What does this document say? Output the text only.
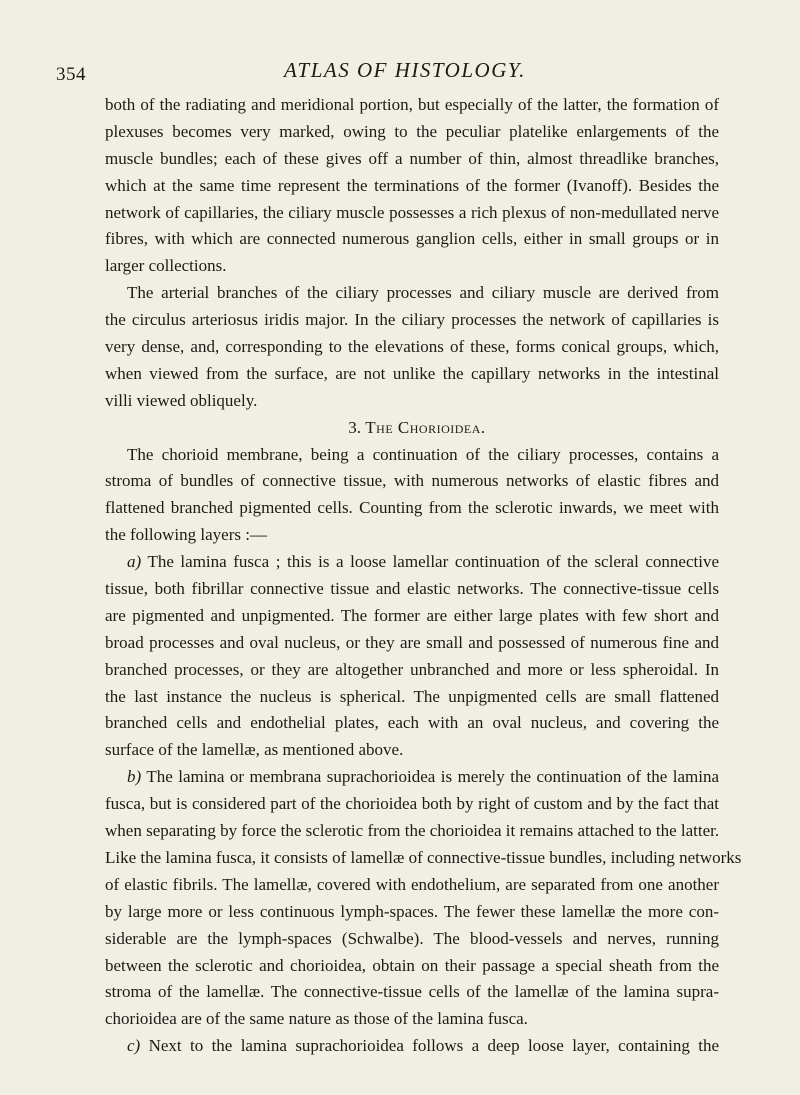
354	ATLAS OF HISTOLOGY.
both of the radiating and meridional portion, but especially of the latter, the formation of
plexuses becomes very marked, owing to the peculiar platelike enlargements of the
muscle bundles; each of these gives off a number of thin, almost threadlike branches,
which at the same time represent the terminations of the former (Ivanoff). Besides the
network of capillaries, the ciliary muscle possesses a rich plexus of non-medullated nerve
fibres, with which are connected numerous ganglion cells, either in small groups or in
larger collections.
The arterial branches of the ciliary processes and ciliary muscle are derived from
the circulus arteriosus iridis major. In the ciliary processes the network of capillaries is
very dense, and, corresponding to the elevations of these, forms conical groups, which,
when viewed from the surface, are not unlike the capillary networks in the intestinal
villi viewed obliquely.
3. The Chorioidea.
The chorioid membrane, being a continuation of the ciliary processes, contains a
stroma of bundles of connective tissue, with numerous networks of elastic fibres and
flattened branched pigmented cells. Counting from the sclerotic inwards, we meet with
the following layers :—
a) The lamina fusca ; this is a loose lamellar continuation of the scleral connective
tissue, both fibrillar connective tissue and elastic networks. The connective-tissue cells
are pigmented and unpigmented. The former are either large plates with few short and
broad processes and oval nucleus, or they are small and possessed of numerous fine and
branched processes, or they are altogether unbranched and more or less spheroidal. In
the last instance the nucleus is spherical. The unpigmented cells are small flattened
branched cells and endothelial plates, each with an oval nucleus, and covering the
surface of the lamellæ, as mentioned above.
b) The lamina or membrana suprachorioidea is merely the continuation of the lamina
fusca, but is considered part of the chorioidea both by right of custom and by the fact that
when separating by force the sclerotic from the chorioidea it remains attached to the latter.
Like the lamina fusca, it consists of lamellæ of connective-tissue bundles, including networks
of elastic fibrils. The lamellæ, covered with endothelium, are separated from one another
by large more or less continuous lymph-spaces. The fewer these lamellæ the more con-
siderable are the lymph-spaces (Schwalbe). The blood-vessels and nerves, running
between the sclerotic and chorioidea, obtain on their passage a special sheath from the
stroma of the lamellæ. The connective-tissue cells of the lamellæ of the lamina supra-
chorioidea are of the same nature as those of the lamina fusca.
c) Next to the lamina suprachorioidea follows a deep loose layer, containing the
